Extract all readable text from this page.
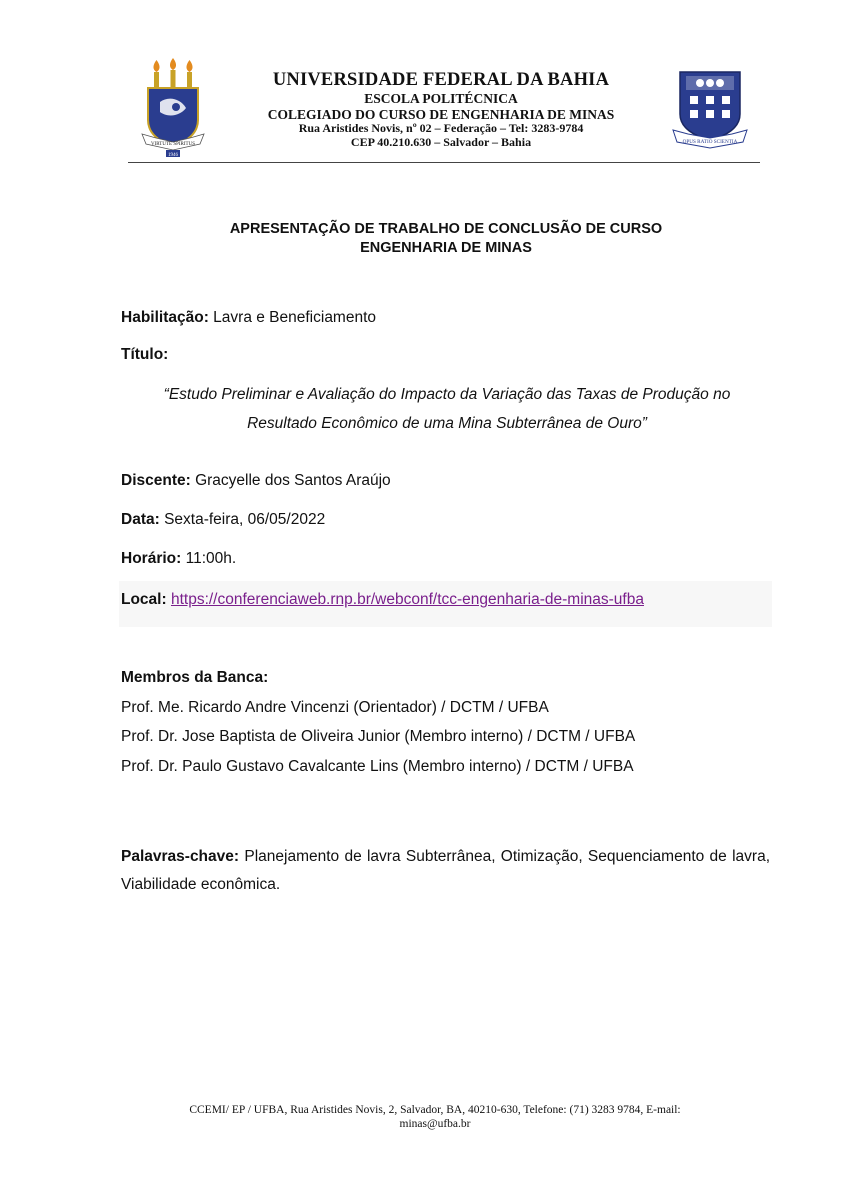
VIRTUTE SPIRITUS
1946
UNIVERSIDADE FEDERAL DA BAHIA
ESCOLA POLITÉCNICA
COLEGIADO DO CURSO DE ENGENHARIA DE MINAS
Rua Aristides Novis, nº 02 – Federação – Tel: 3283-9784
CEP 40.210.630 – Salvador – Bahia	OPUS RATIO SCIENTIA
APRESENTAÇÃO DE TRABALHO DE CONCLUSÃO DE CURSO
ENGENHARIA DE MINAS
Habilitação: Lavra e Beneficiamento
Título:
“Estudo Preliminar e Avaliação do Impacto da Variação das Taxas de Produção no
Resultado Econômico de uma Mina Subterrânea de Ouro”
Discente: Gracyelle dos Santos Araújo
Data: Sexta-feira, 06/05/2022
Horário: 11:00h.
Local: https://conferenciaweb.rnp.br/webconf/tcc-engenharia-de-minas-ufba
Membros da Banca:
Prof. Me. Ricardo Andre Vincenzi (Orientador) / DCTM / UFBA
Prof. Dr. Jose Baptista de Oliveira Junior (Membro interno) / DCTM / UFBA
Prof. Dr. Paulo Gustavo Cavalcante Lins (Membro interno) / DCTM / UFBA
Palavras-chave: Planejamento de lavra Subterrânea, Otimização, Sequenciamento de lavra, Viabilidade econômica.
CCEMI/ EP / UFBA, Rua Aristides Novis, 2, Salvador, BA, 40210-630, Telefone: (71) 3283 9784, E-mail:
minas@ufba.br
